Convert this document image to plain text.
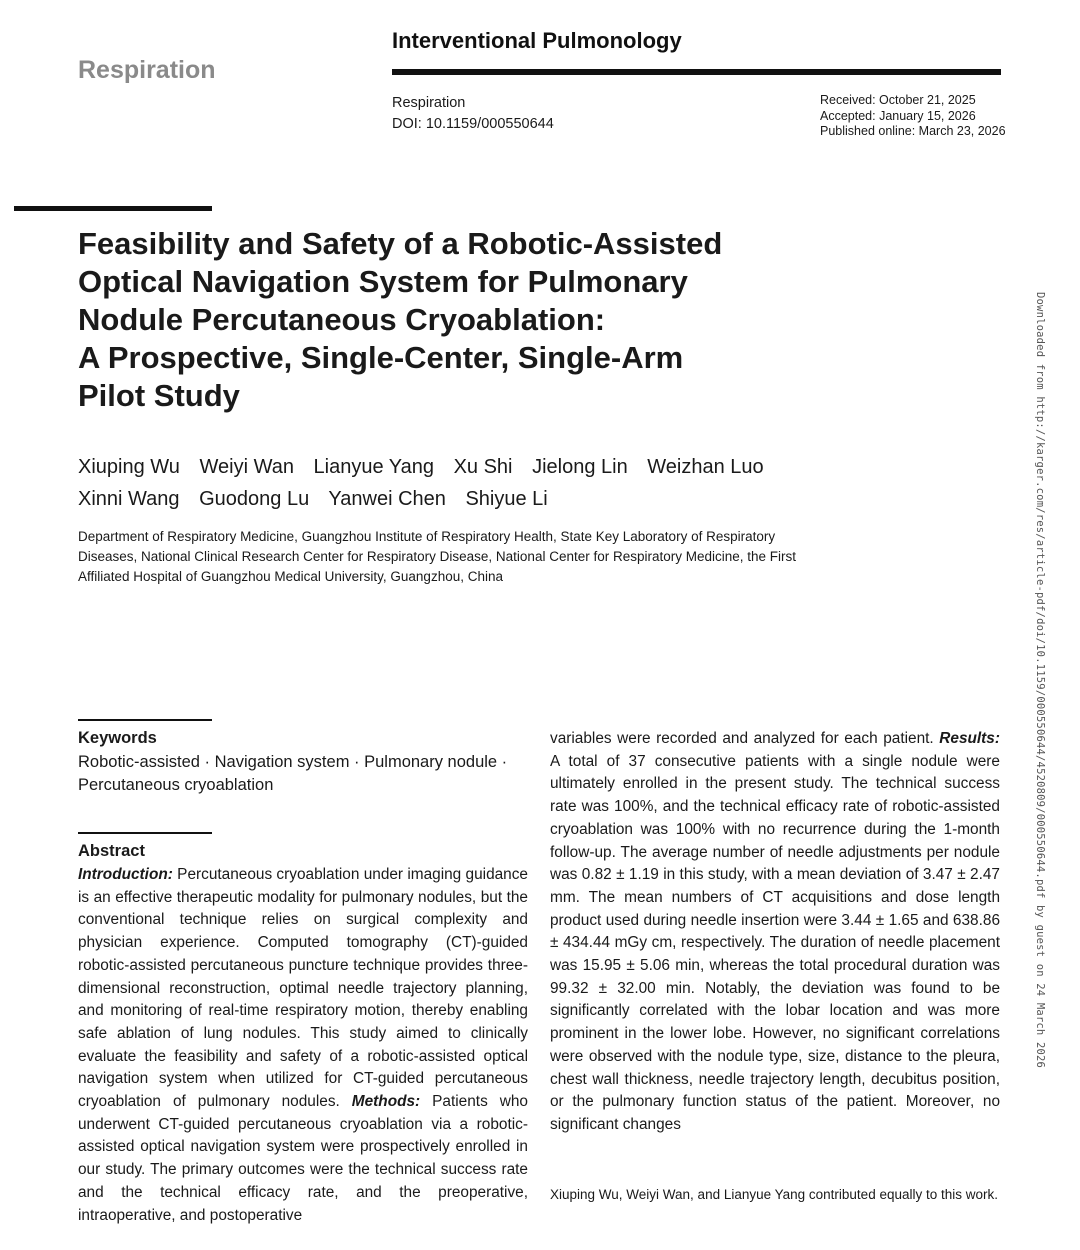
Respiration
Interventional Pulmonology
Respiration
DOI: 10.1159/000550644
Received: October 21, 2025
Accepted: January 15, 2026
Published online: March 23, 2026
Feasibility and Safety of a Robotic-Assisted
Optical Navigation System for Pulmonary
Nodule Percutaneous Cryoablation:
A Prospective, Single-Center, Single-Arm
Pilot Study
Xiuping Wu Weiyi Wan Lianyue Yang Xu Shi Jielong Lin Weizhan Luo
Xinni Wang Guodong Lu Yanwei Chen Shiyue Li
Department of Respiratory Medicine, Guangzhou Institute of Respiratory Health, State Key Laboratory of Respiratory Diseases, National Clinical Research Center for Respiratory Disease, National Center for Respiratory Medicine, the First Affiliated Hospital of Guangzhou Medical University, Guangzhou, China
Keywords
Robotic-assisted · Navigation system · Pulmonary nodule · Percutaneous cryoablation
Abstract
Introduction: Percutaneous cryoablation under imaging guidance is an effective therapeutic modality for pulmonary nodules, but the conventional technique relies on surgical complexity and physician experience. Computed tomography (CT)-guided robotic-assisted percutaneous puncture technique provides three-dimensional reconstruction, optimal needle trajectory planning, and monitoring of real-time respiratory motion, thereby enabling safe ablation of lung nodules. This study aimed to clinically evaluate the feasibility and safety of a robotic-assisted optical navigation system when utilized for CT-guided percutaneous cryoablation of pulmonary nodules. Methods: Patients who underwent CT-guided percutaneous cryoablation via a robotic-assisted optical navigation system were prospectively enrolled in our study. The primary outcomes were the technical success rate and the technical efficacy rate, and the preoperative, intraoperative, and postoperative
variables were recorded and analyzed for each patient. Results: A total of 37 consecutive patients with a single nodule were ultimately enrolled in the present study. The technical success rate was 100%, and the technical efficacy rate of robotic-assisted cryoablation was 100% with no recurrence during the 1-month follow-up. The average number of needle adjustments per nodule was 0.82 ± 1.19 in this study, with a mean deviation of 3.47 ± 2.47 mm. The mean numbers of CT acquisitions and dose length product used during needle insertion were 3.44 ± 1.65 and 638.86 ± 434.44 mGy cm, respectively. The duration of needle placement was 15.95 ± 5.06 min, whereas the total procedural duration was 99.32 ± 32.00 min. Notably, the deviation was found to be significantly correlated with the lobar location and was more prominent in the lower lobe. However, no significant correlations were observed with the nodule type, size, distance to the pleura, chest wall thickness, needle trajectory length, decubitus position, or the pulmonary function status of the patient. Moreover, no significant changes
Xiuping Wu, Weiyi Wan, and Lianyue Yang contributed equally to this work.
Downloaded from http://karger.com/res/article-pdf/doi/10.1159/000550644/4520809/000550644.pdf by guest on 24 March 2026
